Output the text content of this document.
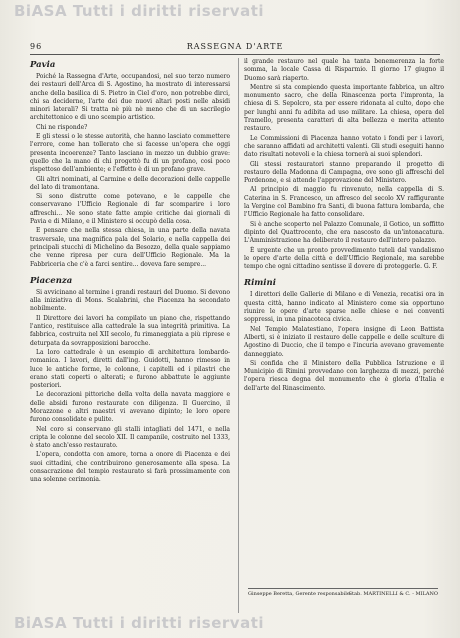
BiASA Tutti i diritti riservati
96	RASSEGNA D'ARTE
Pavia

Poiché la Rassegna d'Arte, occupandosi, nel suo terzo numero dei restauri dell'Arca di S. Agostino, ha mostrato di interessarsi anche della basilica di S. Pietro in Ciel d'oro, non potrebbe dirci, chi sa deciderne, l'arte dei due nuovi altari posti nelle absidi minori laterali? Si tratta nè più nè meno che di un sacrilegio architettonico e di uno scempio artistico.

Chi ne risponde?

E gli stessi o le stesse autorità, che hanno lasciato commettere l'errore, come han tollerato che si facesse un'opera che oggi presenta incoerenze? Tanto lasciano in mezzo un dubbio grave: quello che la mano di chi progettò fu di un profano, così poco rispettoso dell'ambiente; e l'effetto è di un profano grave.

Gli altri nominati, al Carmine e delle decorazioni delle cappelle del lato di tramontana.

Si sono distrutte come potevano, e le cappelle che conservavano l'Ufficio Regionale di far scomparire i loro affreschi... Ne sono state fatte ampie critiche dai giornali di Pavia e di Milano, e il Ministero si occupò della cosa.

E pensare che nella stessa chiesa, in una parte della navata trasversale, una magnifica pala del Solario, e nella cappella dei principali stucchi di Michelino da Besozzo, della quale sappiamo che venne ripresa per cura dell'Ufficio Regionale. Ma la Fabbriceria che c'è a farci sentire... doveva fare sempre...

Piacenza

Si avvicinano al termine i grandi restauri del Duomo. Si devono alla iniziativa di Mons. Scalabrini, che Piacenza ha secondato nobilmente.

Il Direttore dei lavori ha compilato un piano che, rispettando l'antico, restituisce alla cattedrale la sua integrità primitiva. La fabbrica, costruita nel XII secolo, fu rimaneggiata a più riprese e deturpata da sovrapposizioni barocche.

La loro cattedrale è un esempio di architettura lombardo-romanica. I lavori, diretti dall'ing. Guidotti, hanno rimesso in luce le antiche forme, le colonne, i capitelli ed i pilastri che erano stati coperti o alterati; e furono abbattute le aggiunte posteriori.

Le decorazioni pittoriche della volta della navata maggiore e delle absidi furono restaurate con diligenza. Il Guercino, il Morazzone e altri maestri vi avevano dipinto; le loro opere furono consolidate e pulite.

Nel coro si conservano gli stalli intagliati del 1471, e nella cripta le colonne del secolo XII. Il campanile, costruito nel 1333, è stato anch'esso restaurato.

L'opera, condotta con amore, torna a onore di Piacenza e dei suoi cittadini, che contribuirono generosamente alla spesa. La consacrazione del tempio restaurato si farà prossimamente con una solenne cerimonia.

il grande restauro nel quale ha tanta benemerenza la forte somma, la locale Cassa di Risparmio. Il giorno 17 giugno il Duomo sarà riaperto.

Mentre si sta compiendo questa importante fabbrica, un altro monumento sacro, che della Rinascenza porta l'impronta, la chiesa di S. Sepolcro, sta per essere ridonata al culto, dopo che per lunghi anni fu adibita ad uso militare. La chiesa, opera del Tramello, presenta caratteri di alta bellezza e merita attento restauro.

Le Commissioni di Piacenza hanno votato i fondi per i lavori, che saranno affidati ad architetti valenti. Gli studi eseguiti hanno dato risultati notevoli e la chiesa tornerà ai suoi splendori.

Gli stessi restauratori stanno preparando il progetto di restauro della Madonna di Campagna, ove sono gli affreschi del Pordenone, e si attende l'approvazione del Ministero.

Al principio di maggio fu rinvenuto, nella cappella di S. Caterina in S. Francesco, un affresco del secolo XV raffigurante la Vergine col Bambino fra Santi, di buona fattura lombarda, che l'Ufficio Regionale ha fatto consolidare.

Si è anche scoperto nel Palazzo Comunale, il Gotico, un soffitto dipinto del Quattrocento, che era nascosto da un'intonacatura. L'Amministrazione ha deliberato il restauro dell'intero palazzo.

È urgente che un pronto provvedimento tuteli dal vandalismo le opere d'arte della città e dell'Ufficio Regionale, ma sarebbe tempo che ogni cittadino sentisse il dovere di proteggerle. G. F.

Rimini

I direttori delle Gallerie di Milano e di Venezia, recatisi ora in questa città, hanno indicato al Ministero come sia opportuno riunire le opere d'arte sparse nelle chiese e nei conventi soppressi, in una pinacoteca civica.

Nel Tempio Malatestiano, l'opera insigne di Leon Battista Alberti, si è iniziato il restauro delle cappelle e delle sculture di Agostino di Duccio, che il tempo e l'incuria avevano gravemente danneggiato.

Si confida che il Ministero della Pubblica Istruzione e il Municipio di Rimini provvedano con larghezza di mezzi, perché l'opera riesca degna del monumento che è gloria d'Italia e dell'arte del Rinascimento.

Ginseppe Beretta, Gerente responsabile.
Stab. MARTINELLI & C. - MILANO
BiASA Tutti i diritti riservati
